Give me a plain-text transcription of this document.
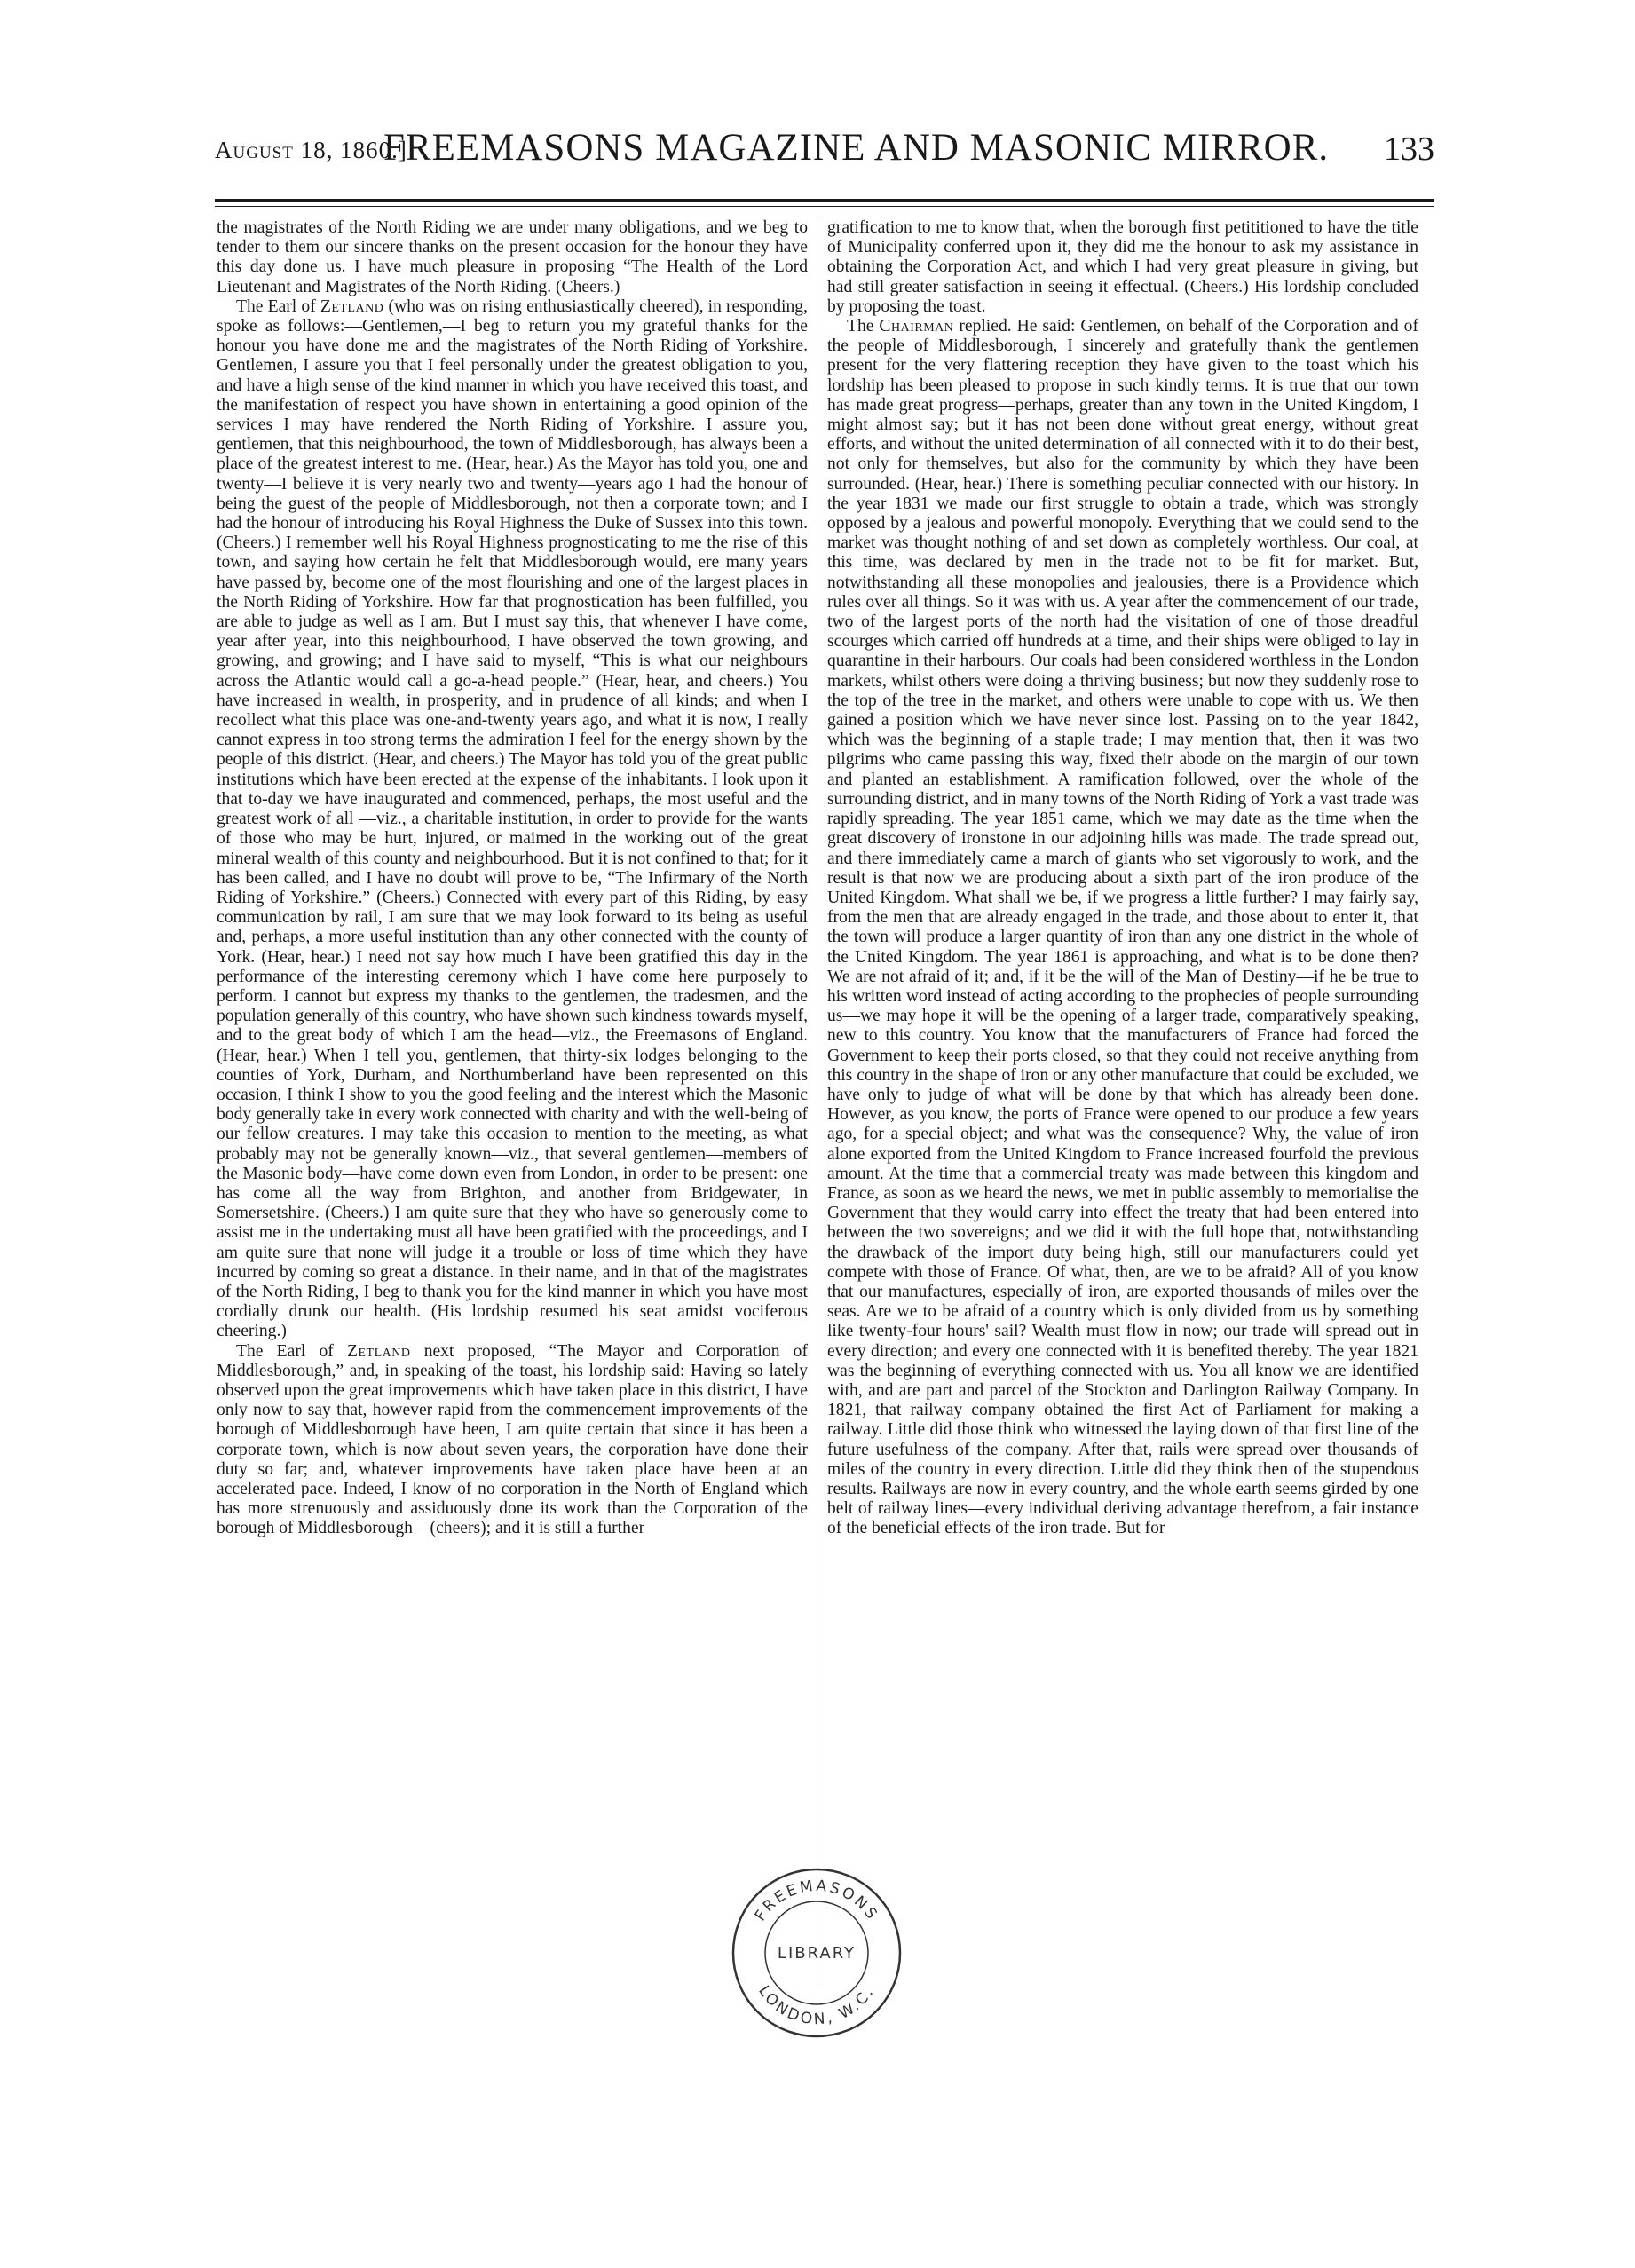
August 18, 1860.]
FREEMASONS MAGAZINE AND MASONIC MIRROR. 133

the magistrates of the North Riding we are under many obligations, and we beg to tender to them our sincere thanks on the present occasion for the honour they have this day done us. I have much pleasure in proposing “The Health of the Lord Lieutenant and Magistrates of the North Riding. (Cheers.)

The Earl of Zetland (who was on rising enthusiastically cheered), in responding, spoke as follows:—Gentlemen,—I beg to return you my grateful thanks for the honour you have done me and the magistrates of the North Riding of Yorkshire. Gentlemen, I assure you that I feel personally under the greatest obligation to you, and have a high sense of the kind manner in which you have received this toast, and the manifestation of respect you have shown in entertaining a good opinion of the services I may have rendered the North Riding of Yorkshire. I assure you, gentlemen, that this neighbourhood, the town of Middlesborough, has always been a place of the greatest interest to me. (Hear, hear.) As the Mayor has told you, one and twenty—I believe it is very nearly two and twenty—years ago I had the honour of being the guest of the people of Middlesborough, not then a corporate town; and I had the honour of introducing his Royal Highness the Duke of Sussex into this town. (Cheers.) I remember well his Royal Highness prognosticating to me the rise of this town, and saying how certain he felt that Middlesborough would, ere many years have passed by, become one of the most flourishing and one of the largest places in the North Riding of Yorkshire. How far that prognostication has been fulfilled, you are able to judge as well as I am. But I must say this, that whenever I have come, year after year, into this neighbourhood, I have observed the town growing, and growing, and growing; and I have said to myself, “This is what our neighbours across the Atlantic would call a go-a-head people.” (Hear, hear, and cheers.) You have increased in wealth, in prosperity, and in prudence of all kinds; and when I recollect what this place was one-and-twenty years ago, and what it is now, I really cannot express in too strong terms the admiration I feel for the energy shown by the people of this district. (Hear, and cheers.) The Mayor has told you of the great public institutions which have been erected at the expense of the inhabitants. I look upon it that to-day we have inaugurated and commenced, perhaps, the most useful and the greatest work of all —viz., a charitable institution, in order to provide for the wants of those who may be hurt, injured, or maimed in the working out of the great mineral wealth of this county and neighbourhood. But it is not confined to that; for it has been called, and I have no doubt will prove to be, “The Infirmary of the North Riding of Yorkshire.” (Cheers.) Connected with every part of this Riding, by easy communication by rail, I am sure that we may look forward to its being as useful and, perhaps, a more useful institution than any other connected with the county of York. (Hear, hear.) I need not say how much I have been gratified this day in the performance of the interesting ceremony which I have come here purposely to perform. I cannot but express my thanks to the gentlemen, the tradesmen, and the population generally of this country, who have shown such kindness towards myself, and to the great body of which I am the head—viz., the Freemasons of England. (Hear, hear.) When I tell you, gentlemen, that thirty-six lodges belonging to the counties of York, Durham, and Northumberland have been represented on this occasion, I think I show to you the good feeling and the interest which the Masonic body generally take in every work connected with charity and with the well-being of our fellow creatures. I may take this occasion to mention to the meeting, as what probably may not be generally known—viz., that several gentlemen—members of the Masonic body—have come down even from London, in order to be present: one has come all the way from Brighton, and another from Bridgewater, in Somersetshire. (Cheers.) I am quite sure that they who have so generously come to assist me in the undertaking must all have been gratified with the proceedings, and I am quite sure that none will judge it a trouble or loss of time which they have incurred by coming so great a distance. In their name, and in that of the magistrates of the North Riding, I beg to thank you for the kind manner in which you have most cordially drunk our health. (His lordship resumed his seat amidst vociferous cheering.)

The Earl of Zetland next proposed, “The Mayor and Corporation of Middlesborough,” and, in speaking of the toast, his lordship said: Having so lately observed upon the great improvements which have taken place in this district, I have only now to say that, however rapid from the commencement improvements of the borough of Middlesborough have been, I am quite certain that since it has been a corporate town, which is now about seven years, the corporation have done their duty so far; and, whatever improvements have taken place have been at an accelerated pace. Indeed, I know of no corporation in the North of England which has more strenuously and assiduously done its work than the Corporation of the borough of Middlesborough—(cheers); and it is still a further

gratification to me to know that, when the borough first petititioned to have the title of Municipality conferred upon it, they did me the honour to ask my assistance in obtaining the Corporation Act, and which I had very great pleasure in giving, but had still greater satisfaction in seeing it effectual. (Cheers.) His lordship concluded by proposing the toast.

The Chairman replied. He said: Gentlemen, on behalf of the Corporation and of the people of Middlesborough, I sincerely and gratefully thank the gentlemen present for the very flattering reception they have given to the toast which his lordship has been pleased to propose in such kindly terms. It is true that our town has made great progress—perhaps, greater than any town in the United Kingdom, I might almost say; but it has not been done without great energy, without great efforts, and without the united determination of all connected with it to do their best, not only for themselves, but also for the community by which they have been surrounded. (Hear, hear.) There is something peculiar connected with our history. In the year 1831 we made our first struggle to obtain a trade, which was strongly opposed by a jealous and powerful monopoly. Everything that we could send to the market was thought nothing of and set down as completely worthless. Our coal, at this time, was declared by men in the trade not to be fit for market. But, notwithstanding all these monopolies and jealousies, there is a Providence which rules over all things. So it was with us. A year after the commencement of our trade, two of the largest ports of the north had the visitation of one of those dreadful scourges which carried off hundreds at a time, and their ships were obliged to lay in quarantine in their harbours. Our coals had been considered worthless in the London markets, whilst others were doing a thriving business; but now they suddenly rose to the top of the tree in the market, and others were unable to cope with us. We then gained a position which we have never since lost. Passing on to the year 1842, which was the beginning of a staple trade; I may mention that, then it was two pilgrims who came passing this way, fixed their abode on the margin of our town and planted an establishment. A ramification followed, over the whole of the surrounding district, and in many towns of the North Riding of York a vast trade was rapidly spreading. The year 1851 came, which we may date as the time when the great discovery of ironstone in our adjoining hills was made. The trade spread out, and there immediately came a march of giants who set vigorously to work, and the result is that now we are producing about a sixth part of the iron produce of the United Kingdom. What shall we be, if we progress a little further? I may fairly say, from the men that are already engaged in the trade, and those about to enter it, that the town will produce a larger quantity of iron than any one district in the whole of the United Kingdom. The year 1861 is approaching, and what is to be done then? We are not afraid of it; and, if it be the will of the Man of Destiny—if he be true to his written word instead of acting according to the prophecies of people surrounding us—we may hope it will be the opening of a larger trade, comparatively speaking, new to this country. You know that the manufacturers of France had forced the Government to keep their ports closed, so that they could not receive anything from this country in the shape of iron or any other manufacture that could be excluded, we have only to judge of what will be done by that which has already been done. However, as you know, the ports of France were opened to our produce a few years ago, for a special object; and what was the consequence? Why, the value of iron alone exported from the United Kingdom to France increased fourfold the previous amount. At the time that a commercial treaty was made between this kingdom and France, as soon as we heard the news, we met in public assembly to memorialise the Government that they would carry into effect the treaty that had been entered into between the two sovereigns; and we did it with the full hope that, notwithstanding the drawback of the import duty being high, still our manufacturers could yet compete with those of France. Of what, then, are we to be afraid? All of you know that our manufactures, especially of iron, are exported thousands of miles over the seas. Are we to be afraid of a country which is only divided from us by something like twenty-four hours' sail? Wealth must flow in now; our trade will spread out in every direction; and every one connected with it is benefited thereby. The year 1821 was the beginning of everything connected with us. You all know we are identified with, and are part and parcel of the Stockton and Darlington Railway Company. In 1821, that railway company obtained the first Act of Parliament for making a railway. Little did those think who witnessed the laying down of that first line of the future usefulness of the company. After that, rails were spread over thousands of miles of the country in every direction. Little did they think then of the stupendous results. Railways are now in every country, and the whole earth seems girded by one belt of railway lines—every individual deriving advantage therefrom, a fair instance of the beneficial effects of the iron trade. But for

FREEMASONS
LIBRARY
LONDON, W.C.
